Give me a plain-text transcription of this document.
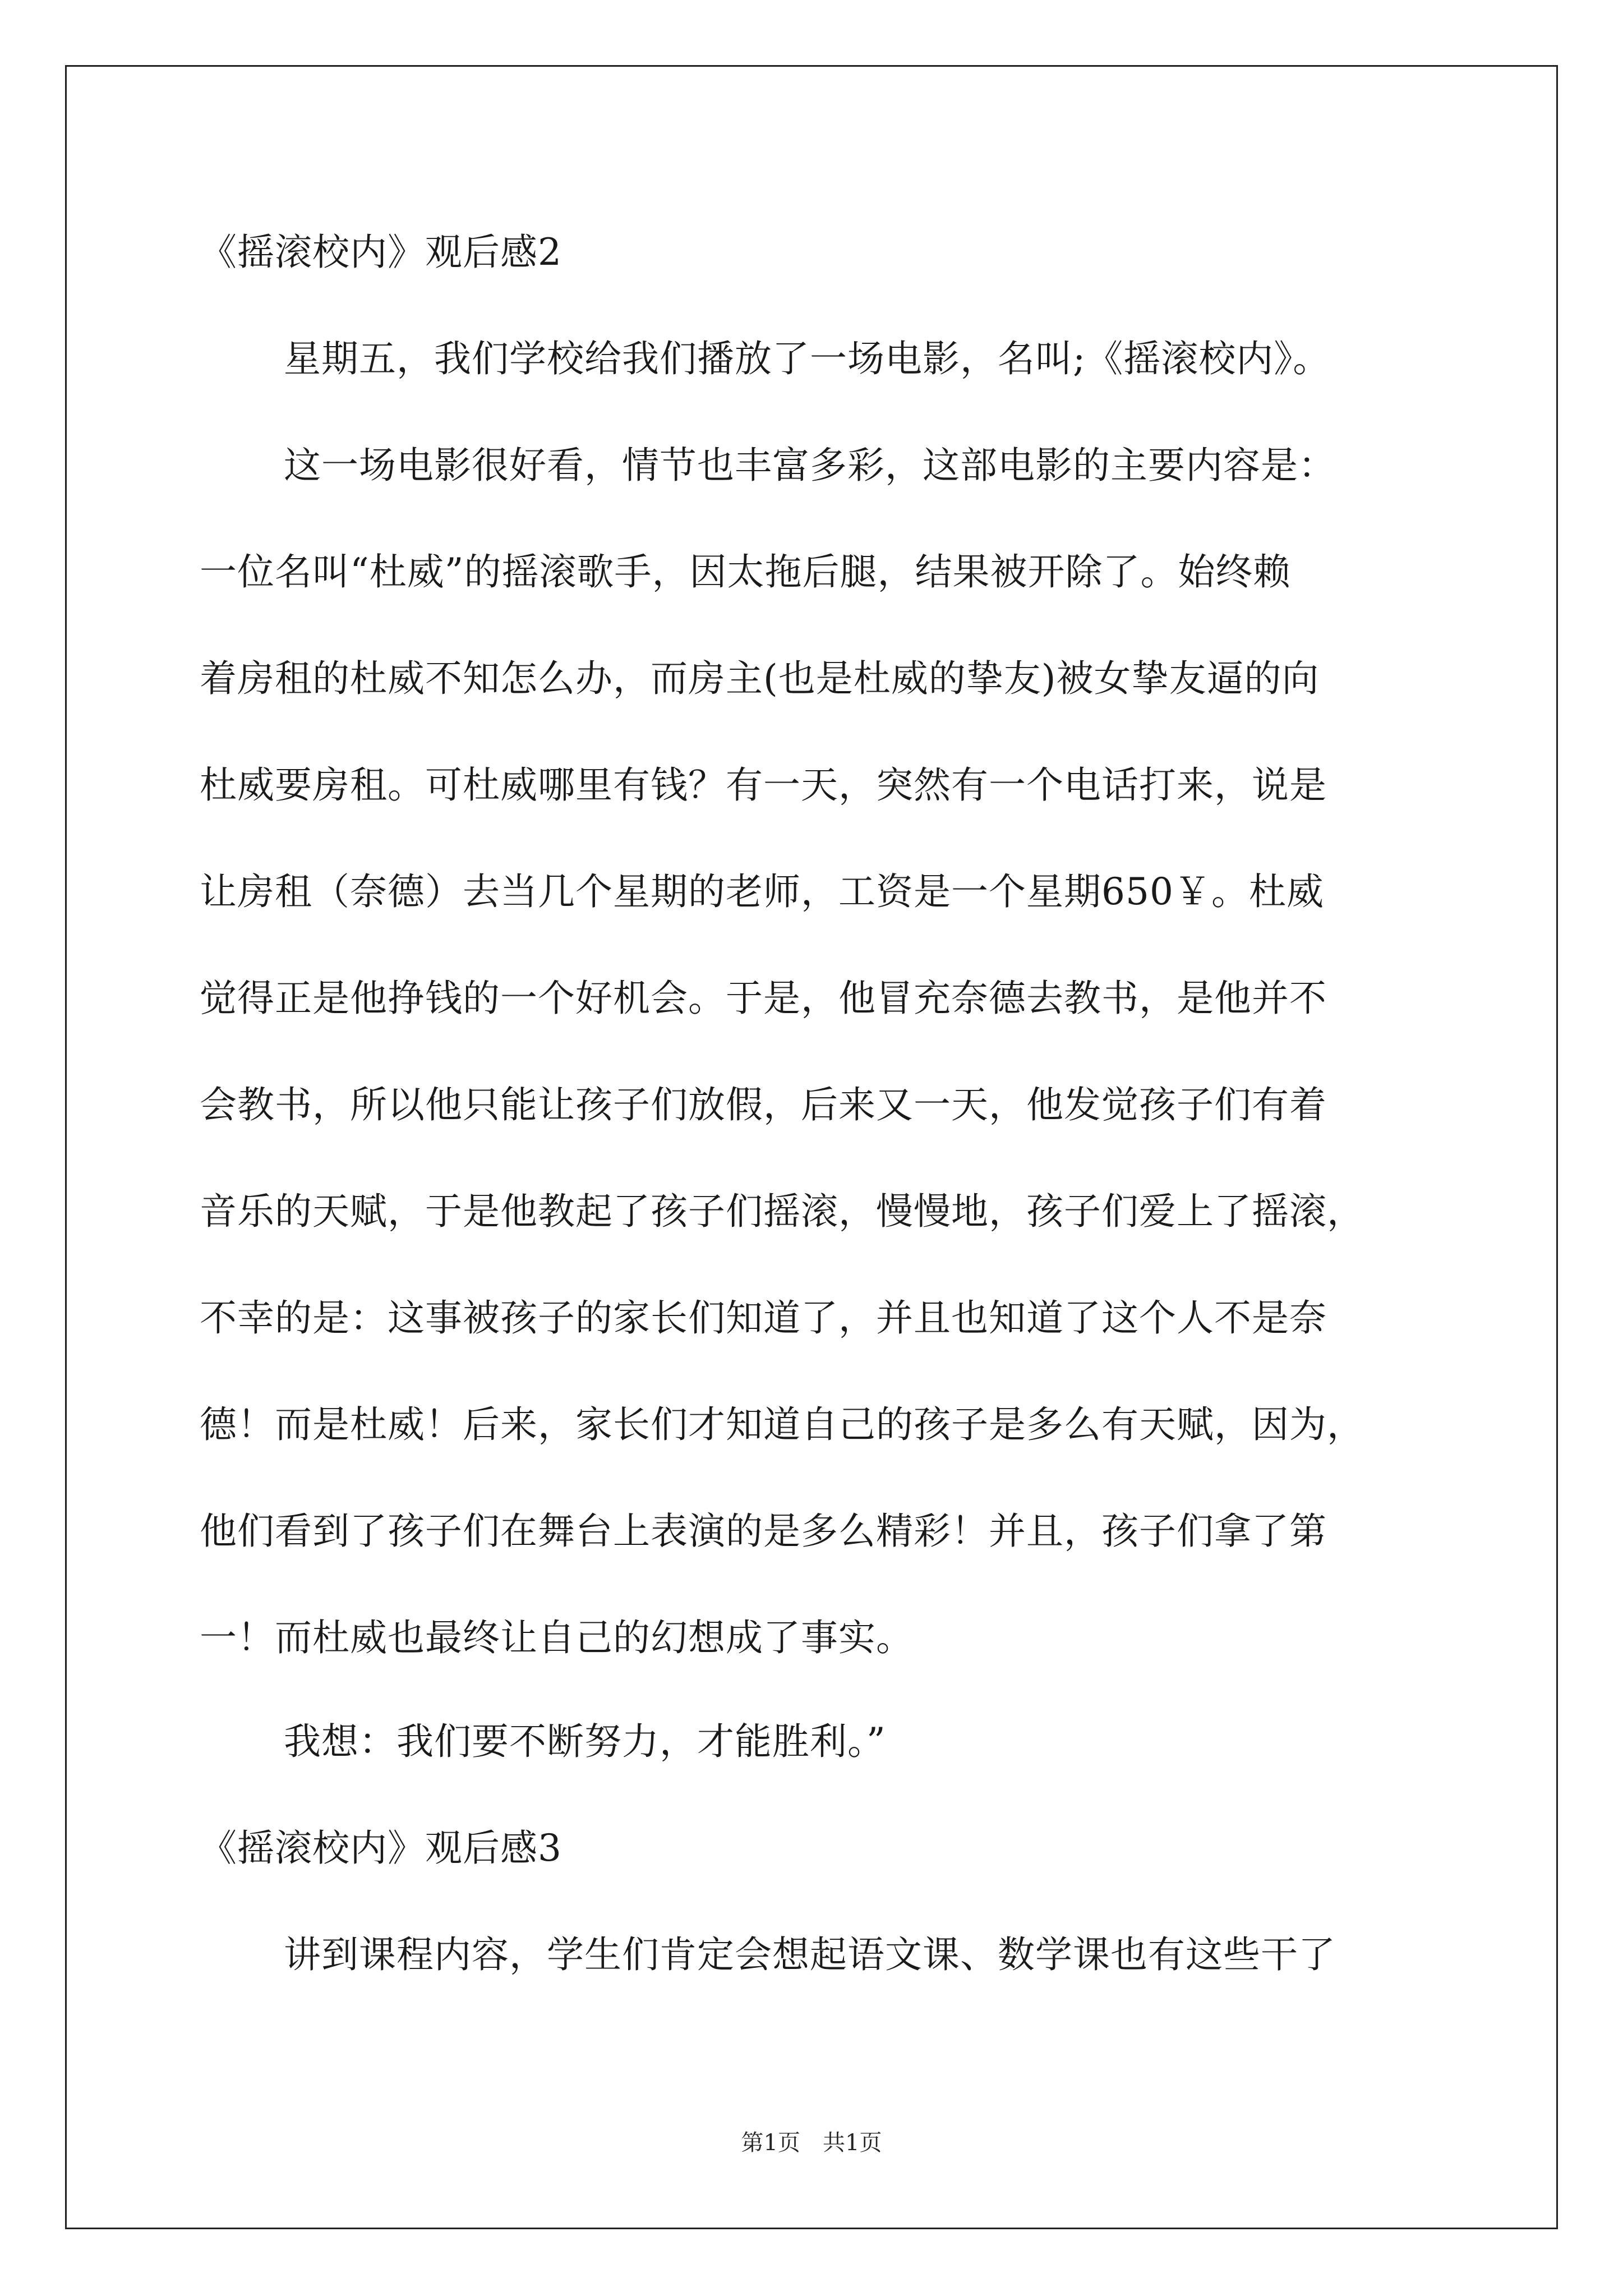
《摇滚校内》观后感2
星期五，我们学校给我们播放了一场电影，名叫;《摇滚校内》。
这一场电影很好看，情节也丰富多彩，这部电影的主要内容是：
一位名叫“杜威”的摇滚歌手，因太拖后腿，结果被开除了。始终赖
着房租的杜威不知怎么办，而房主(也是杜威的挚友)被女挚友逼的向
杜威要房租。可杜威哪里有钱？有一天，突然有一个电话打来，说是
让房租（奈德）去当几个星期的老师，工资是一个星期650￥。杜威
觉得正是他挣钱的一个好机会。于是，他冒充奈德去教书，是他并不
会教书，所以他只能让孩子们放假，后来又一天，他发觉孩子们有着
音乐的天赋，于是他教起了孩子们摇滚，慢慢地，孩子们爱上了摇滚，
不幸的是：这事被孩子的家长们知道了，并且也知道了这个人不是奈
德！而是杜威！后来，家长们才知道自己的孩子是多么有天赋，因为，
他们看到了孩子们在舞台上表演的是多么精彩！并且，孩子们拿了第
一！而杜威也最终让自己的幻想成了事实。
我想：我们要不断努力，才能胜利。”
《摇滚校内》观后感3
讲到课程内容，学生们肯定会想起语文课、数学课也有这些干了
第1页　共1页
